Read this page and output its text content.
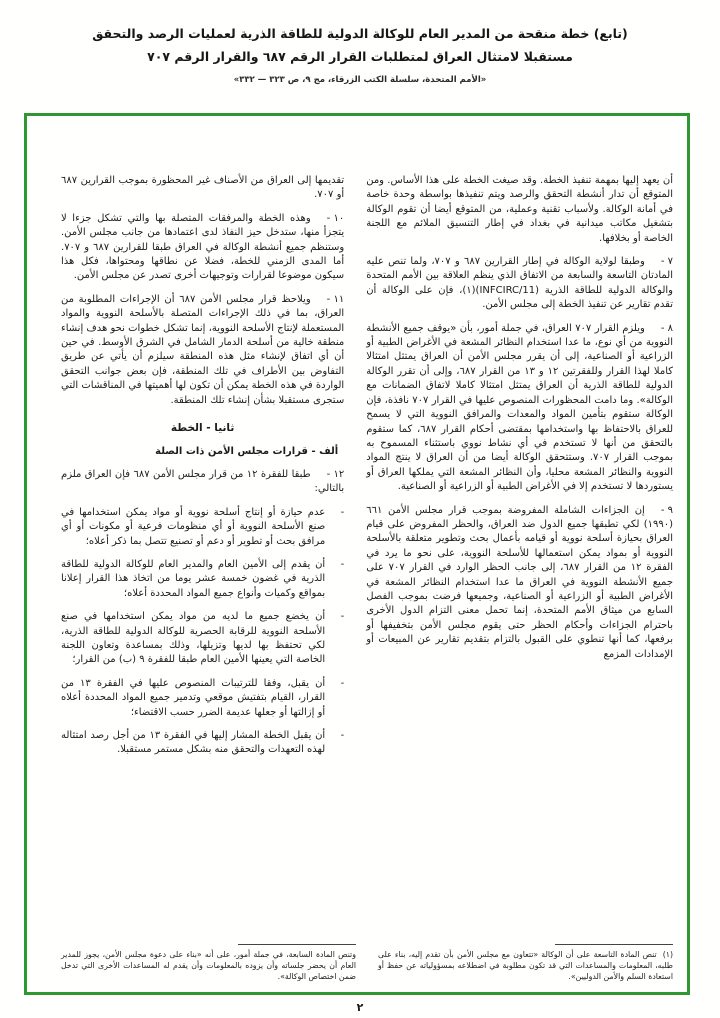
(تابع) خطة منقحة من المدير العام للوكالة الدولية للطاقة الذرية لعمليات الرصد والتحقق
مستقبلا لامتثال العراق لمتطلبات القرار الرقم ٦٨٧ والقرار الرقم ٧٠٧
«الأمم المتحدة، سلسلة الكتب الزرقاء، مج ٩، ص ٣٢٣ — ٣٣٢»

أن يعهد إليها بمهمة تنفيذ الخطة. وقد صيغت الخطة على هذا الأساس. ومن المتوقع أن تدار أنشطة التحقق والرصد ويتم تنفيذها بواسطة وحدة خاصة في أمانة الوكالة. ولأسباب تقنية وعملية، من المتوقع أيضا أن تقوم الوكالة بتشغيل مكاتب ميدانية في بغداد في إطار التنسيق الملائم مع اللجنة الخاصة أو بخلافها.

٧ -وطبقا لولاية الوكالة في إطار القرارين ٦٨٧ و ٧٠٧، ولما تنص عليه المادتان التاسعة والسابعة من الاتفاق الذي ينظم العلاقة بين الأمم المتحدة والوكالة الدولية للطاقة الذرية (INFCIRC/11)(١)، فإن على الوكالة أن تقدم تقارير عن تنفيذ الخطة إلى مجلس الأمن.

٨ -ويلزم القرار ٧٠٧ العراق، في جملة أمور، بأن «يوقف جميع الأنشطة النووية من أي نوع، ما عدا استخدام النظائر المشعة في الأغراض الطبية أو الزراعية أو الصناعية، إلى أن يقرر مجلس الأمن أن العراق يمتثل امتثالا كاملا لهذا القرار وللفقرتين ١٢ و ١٣ من القرار ٦٨٧، وإلى أن تقرر الوكالة الدولية للطاقة الذرية أن العراق يمتثل امتثالا كاملا لاتفاق الضمانات مع الوكالة». وما دامت المحظورات المنصوص عليها في القرار ٧٠٧ نافذة، فإن الوكالة ستقوم بتأمين المواد والمعدات والمرافق النووية التي لا يسمح للعراق بالاحتفاظ بها واستخدامها بمقتضى أحكام القرار ٦٨٧، كما ستقوم بالتحقق من أنها لا تستخدم في أي نشاط نووي باستثناء المسموح به بموجب القرار ٧٠٧. وستتحقق الوكالة أيضا من أن العراق لا ينتج المواد النووية والنظائر المشعة محليا، وأن النظائر المشعة التي يملكها العراق أو يستوردها لا تستخدم إلا في الأغراض الطبية أو الزراعية أو الصناعية.

٩ -إن الجزاءات الشاملة المفروضة بموجب قرار مجلس الأمن ٦٦١ (١٩٩٠) لكي تطبقها جميع الدول ضد العراق، والحظر المفروض على قيام العراق بحيازة أسلحة نووية أو قيامه بأعمال بحث وتطوير متعلقة بالأسلحة النووية أو بمواد يمكن استعمالها للأسلحة النووية، على نحو ما يرد في الفقرة ١٢ من القرار ٦٨٧، إلى جانب الحظر الوارد في القرار ٧٠٧ على جميع الأنشطة النووية في العراق ما عدا استخدام النظائر المشعة في الأغراض الطبية أو الزراعية أو الصناعية، وجميعها فرضت بموجب الفصل السابع من ميثاق الأمم المتحدة، إنما تحمل معنى التزام الدول الأخرى باحترام الجزاءات وأحكام الحظر حتى يقوم مجلس الأمن بتخفيفها أو برفعها، كما أنها تنطوي على القبول بالتزام بتقديم تقارير عن المبيعات أو الإمدادات المزمع

تقديمها إلى العراق من الأصناف غير المحظورة بموجب القرارين ٦٨٧ أو ٧٠٧.

١٠ -وهذه الخطة والمرفقات المتصلة بها والتي تشكل جزءا لا يتجزأ منها، ستدخل حيز النفاذ لدى اعتمادها من جانب مجلس الأمن. وستنظم جميع أنشطة الوكالة في العراق طبقا للقرارين ٦٨٧ و ٧٠٧. أما المدى الزمني للخطة، فضلا عن نطاقها ومحتواها، فكل هذا سيكون موضوعا لقرارات وتوجيهات أخرى تصدر عن مجلس الأمن.

١١ -ويلاحظ قرار مجلس الأمن ٦٨٧ أن الإجراءات المطلوبة من العراق، بما في ذلك الإجراءات المتصلة بالأسلحة النووية والمواد المستعملة لإنتاج الأسلحة النووية، إنما تشكل خطوات نحو هدف إنشاء منطقة خالية من أسلحة الدمار الشامل في الشرق الأوسط. في حين أن أي اتفاق لإنشاء مثل هذه المنطقة سيلزم أن يأتي عن طريق التفاوض بين الأطراف في تلك المنطقة، فإن بعض جوانب التحقق الواردة في هذه الخطة يمكن أن تكون لها أهميتها في المناقشات التي ستجرى مستقبلا بشأن إنشاء تلك المنطقة.

ثانيا - الخطة
ألف - قرارات مجلس الأمن ذات الصلة

١٢ -طبقا للفقرة ١٢ من قرار مجلس الأمن ٦٨٧ فإن العراق ملزم بالتالي:

-
عدم حيازة أو إنتاج أسلحة نووية أو مواد يمكن استخدامها في صنع الأسلحة النووية أو أي منظومات فرعية أو مكونات أو أي مرافق بحث أو تطوير أو دعم أو تصنيع تتصل بما ذكر أعلاه؛
-
أن يقدم إلى الأمين العام والمدير العام للوكالة الدولية للطاقة الذرية في غضون خمسة عشر يوما من اتخاذ هذا القرار إعلانا بمواقع وكميات وأنواع جميع المواد المحددة أعلاه؛
-
أن يخضع جميع ما لديه من مواد يمكن استخدامها في صنع الأسلحة النووية للرقابة الحصرية للوكالة الدولية للطاقة الذرية، لكي تحتفظ بها لديها وتزيلها، وذلك بمساعدة وتعاون اللجنة الخاصة التي يعينها الأمين العام طبقا للفقرة ٩ (ب) من القرار؛
-
أن يقبل، وفقا للترتيبات المنصوص عليها في الفقرة ١٣ من القرار، القيام بتفتيش موقعي وتدمير جميع المواد المحددة أعلاه أو إزالتها أو جعلها عديمة الضرر حسب الاقتضاء؛
-
أن يقبل الخطة المشار إليها في الفقرة ١٣ من أجل رصد امتثاله لهذه التعهدات والتحقق منه بشكل مستمر مستقبلا.

(١)تنص المادة التاسعة على أن الوكالة «تتعاون مع مجلس الأمن بأن تقدم إليه، بناء على طلبه، المعلومات والمساعدات التي قد تكون مطلوبة في اضطلاعه بمسؤولياته عن حفظ أو استعادة السلم والأمن الدوليين».

وتنص المادة السابعة، في جملة أمور، على أنه «بناء على دعوة مجلس الأمن، يجوز للمدير العام أن يحضر جلساته وأن يزوده بالمعلومات وأن يقدم له المساعدات الأخرى التي تدخل ضمن اختصاص الوكالة».

٢
